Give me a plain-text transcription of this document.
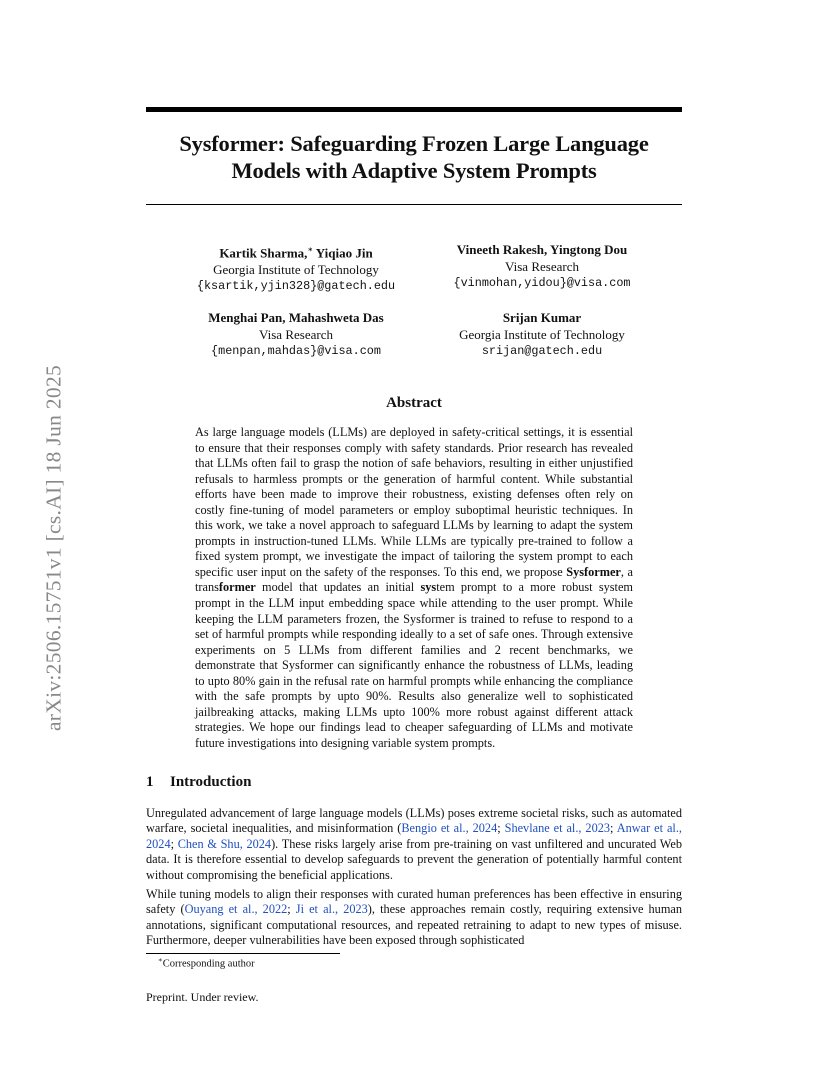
arXiv:2506.15751v1 [cs.AI] 18 Jun 2025
Sysformer: Safeguarding Frozen Large Language
Models with Adaptive System Prompts
Kartik Sharma,∗ Yiqiao Jin
Georgia Institute of Technology
{ksartik,yjin328}@gatech.edu
Vineeth Rakesh, Yingtong Dou
Visa Research
{vinmohan,yidou}@visa.com
Menghai Pan, Mahashweta Das
Visa Research
{menpan,mahdas}@visa.com
Srijan Kumar
Georgia Institute of Technology
srijan@gatech.edu
Abstract
As large language models (LLMs) are deployed in safety-critical settings, it is essential to ensure that their responses comply with safety standards. Prior research has revealed that LLMs often fail to grasp the notion of safe behaviors, resulting in either unjustified refusals to harmless prompts or the generation of harmful content. While substantial efforts have been made to improve their robustness, existing defenses often rely on costly fine-tuning of model parameters or employ suboptimal heuristic techniques. In this work, we take a novel approach to safeguard LLMs by learning to adapt the system prompts in instruction-tuned LLMs. While LLMs are typically pre-trained to follow a fixed system prompt, we investigate the impact of tailoring the system prompt to each specific user input on the safety of the responses. To this end, we propose Sysformer, a transformer model that updates an initial system prompt to a more robust system prompt in the LLM input embedding space while attending to the user prompt. While keeping the LLM parameters frozen, the Sysformer is trained to refuse to respond to a set of harmful prompts while responding ideally to a set of safe ones. Through extensive experiments on 5 LLMs from different families and 2 recent benchmarks, we demonstrate that Sysformer can significantly enhance the robustness of LLMs, leading to upto 80% gain in the refusal rate on harmful prompts while enhancing the compliance with the safe prompts by upto 90%. Results also generalize well to sophisticated jailbreaking attacks, making LLMs upto 100% more robust against different attack strategies. We hope our findings lead to cheaper safeguarding of LLMs and motivate future investigations into designing variable system prompts.
1 Introduction
Unregulated advancement of large language models (LLMs) poses extreme societal risks, such as automated warfare, societal inequalities, and misinformation (Bengio et al., 2024; Shevlane et al., 2023; Anwar et al., 2024; Chen & Shu, 2024). These risks largely arise from pre-training on vast unfiltered and uncurated Web data. It is therefore essential to develop safeguards to prevent the generation of potentially harmful content without compromising the beneficial applications.
While tuning models to align their responses with curated human preferences has been effective in ensuring safety (Ouyang et al., 2022; Ji et al., 2023), these approaches remain costly, requiring extensive human annotations, significant computational resources, and repeated retraining to adapt to new types of misuse. Furthermore, deeper vulnerabilities have been exposed through sophisticated
∗Corresponding author
Preprint. Under review.
